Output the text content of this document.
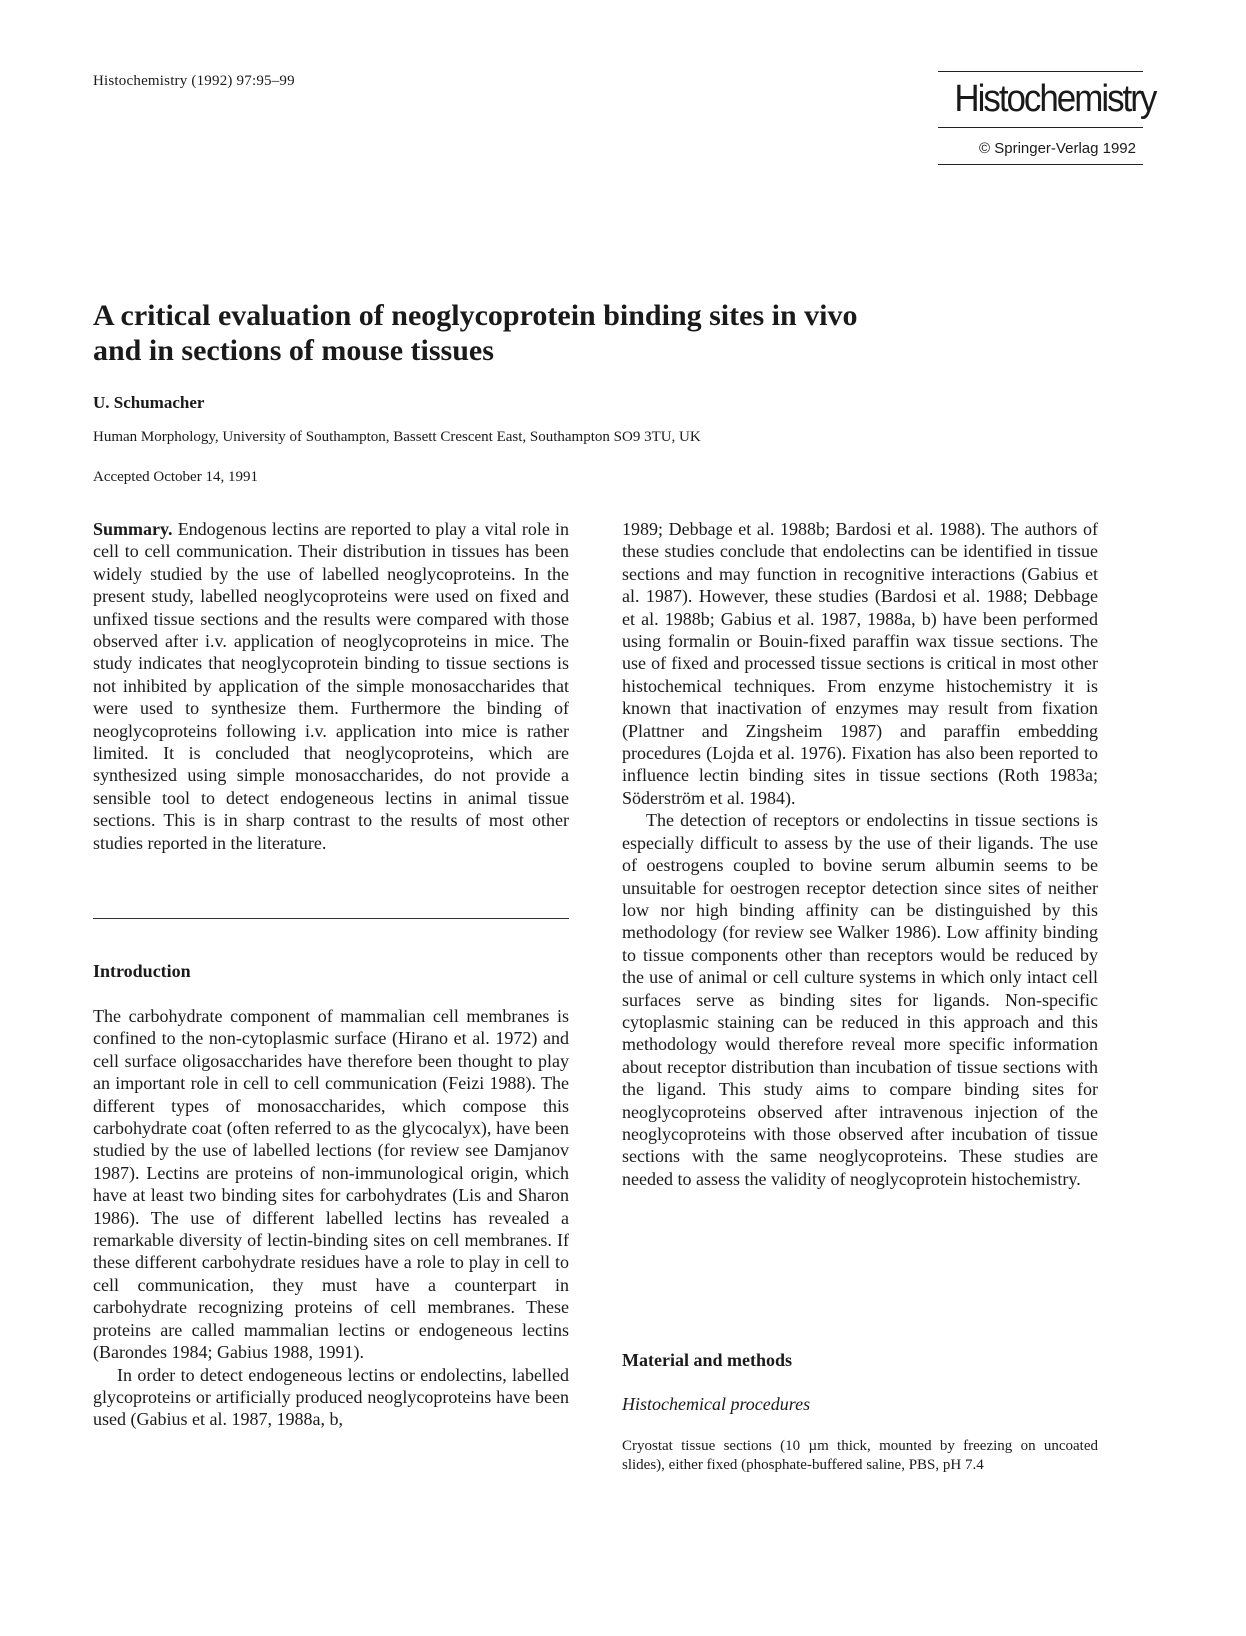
Histochemistry (1992) 97:95–99	Histochemistry
© Springer-Verlag 1992
A critical evaluation of neoglycoprotein binding sites in vivo
and in sections of mouse tissues
U. Schumacher
Human Morphology, University of Southampton, Bassett Crescent East, Southampton SO9 3TU, UK
Accepted October 14, 1991

Summary. Endogenous lectins are reported to play a vital role in cell to cell communication. Their distribution in tissues has been widely studied by the use of labelled neoglycoproteins. In the present study, labelled neoglycoproteins were used on fixed and unfixed tissue sections and the results were compared with those observed after i.v. application of neoglycoproteins in mice. The study indicates that neoglycoprotein binding to tissue sections is not inhibited by application of the simple monosaccharides that were used to synthesize them. Furthermore the binding of neoglycoproteins following i.v. application into mice is rather limited. It is concluded that neoglycoproteins, which are synthesized using simple monosaccharides, do not provide a sensible tool to detect endogeneous lectins in animal tissue sections. This is in sharp contrast to the results of most other studies reported in the literature.

Introduction

The carbohydrate component of mammalian cell membranes is confined to the non-cytoplasmic surface (Hirano et al. 1972) and cell surface oligosaccharides have therefore been thought to play an important role in cell to cell communication (Feizi 1988). The different types of monosaccharides, which compose this carbohydrate coat (often referred to as the glycocalyx), have been studied by the use of labelled lections (for review see Damjanov 1987). Lectins are proteins of non-immunological origin, which have at least two binding sites for carbohydrates (Lis and Sharon 1986). The use of different labelled lectins has revealed a remarkable diversity of lectin-binding sites on cell membranes. If these different carbohydrate residues have a role to play in cell to cell communication, they must have a counterpart in carbohydrate recognizing proteins of cell membranes. These proteins are called mammalian lectins or endogeneous lectins (Barondes 1984; Gabius 1988, 1991).

In order to detect endogeneous lectins or endolectins, labelled glycoproteins or artificially produced neoglycoproteins have been used (Gabius et al. 1987, 1988a, b,

1989; Debbage et al. 1988b; Bardosi et al. 1988). The authors of these studies conclude that endolectins can be identified in tissue sections and may function in recognitive interactions (Gabius et al. 1987). However, these studies (Bardosi et al. 1988; Debbage et al. 1988b; Gabius et al. 1987, 1988a, b) have been performed using formalin or Bouin-fixed paraffin wax tissue sections. The use of fixed and processed tissue sections is critical in most other histochemical techniques. From enzyme histochemistry it is known that inactivation of enzymes may result from fixation (Plattner and Zingsheim 1987) and paraffin embedding procedures (Lojda et al. 1976). Fixation has also been reported to influence lectin binding sites in tissue sections (Roth 1983a; Söderström et al. 1984).

The detection of receptors or endolectins in tissue sections is especially difficult to assess by the use of their ligands. The use of oestrogens coupled to bovine serum albumin seems to be unsuitable for oestrogen receptor detection since sites of neither low nor high binding affinity can be distinguished by this methodology (for review see Walker 1986). Low affinity binding to tissue components other than receptors would be reduced by the use of animal or cell culture systems in which only intact cell surfaces serve as binding sites for ligands. Non-specific cytoplasmic staining can be reduced in this approach and this methodology would therefore reveal more specific information about receptor distribution than incubation of tissue sections with the ligand. This study aims to compare binding sites for neoglycoproteins observed after intravenous injection of the neoglycoproteins with those observed after incubation of tissue sections with the same neoglycoproteins. These studies are needed to assess the validity of neoglycoprotein histochemistry.

Material and methods
Histochemical procedures
Cryostat tissue sections (10 µm thick, mounted by freezing on uncoated slides), either fixed (phosphate-buffered saline, PBS, pH 7.4
